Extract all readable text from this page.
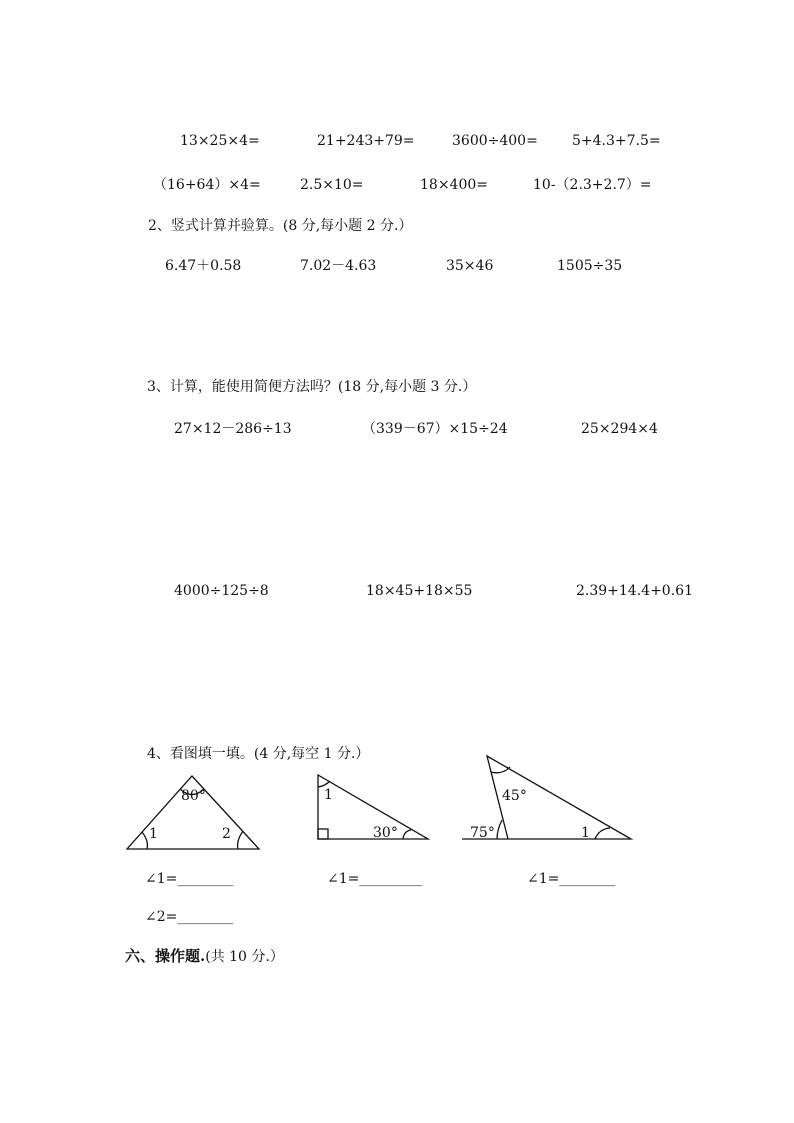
13×25×4=	21+243+79=	3600÷400= 5+4.3+7.5=
（16+64）×4=	2.5×10=	18×400=	10-（2.3+2.7）=
2、竖式计算并验算。(8 分,每小题 2 分.）
6.47＋0.58	7.02－4.63	35×46	1505÷35
3、计算，能使用简便方法吗？(18 分,每小题 3 分.）
27×12－286÷13	（339－67）×15÷24	25×294×4
4000÷125÷8	18×45+18×55	2.39+14.4+0.61
4、看图填一填。(4 分,每空 1 分.）
80°
1	2
1
30°
45°
75°	1
∠1=________	∠1=_________	∠1=________
∠2=________
六、操作题.(共 10 分.）
